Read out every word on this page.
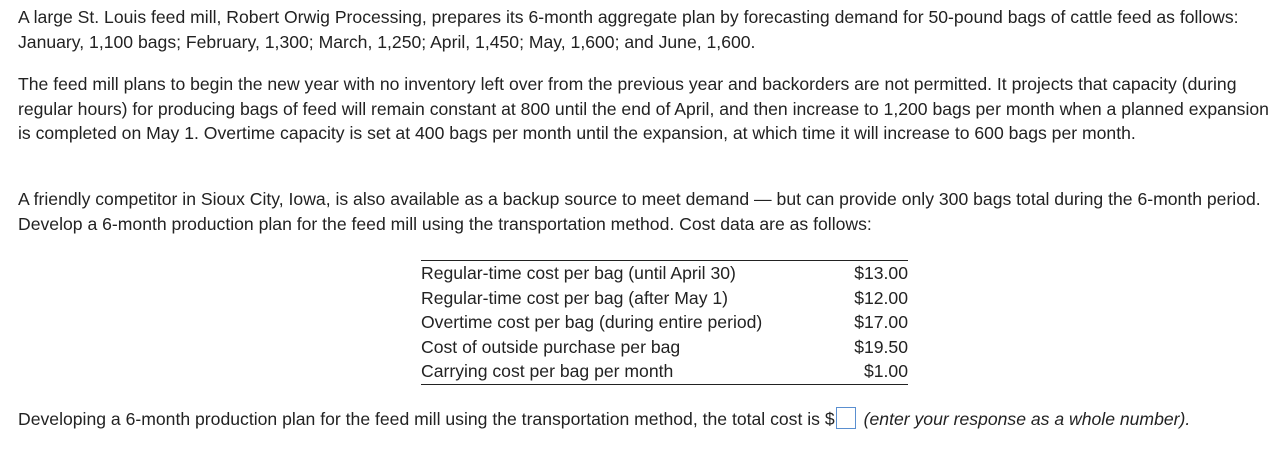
A large St. Louis feed mill, Robert Orwig Processing, prepares its 6-month aggregate plan by forecasting demand for 50-pound bags of cattle feed as follows: January, 1,100 bags; February, 1,300; March, 1,250; April, 1,450; May, 1,600; and June, 1,600.

The feed mill plans to begin the new year with no inventory left over from the previous year and backorders are not permitted. It projects that capacity (during regular hours) for producing bags of feed will remain constant at 800 until the end of April, and then increase to 1,200 bags per month when a planned expansion is completed on May 1. Overtime capacity is set at 400 bags per month until the expansion, at which time it will increase to 600 bags per month.

A friendly competitor in Sioux City, Iowa, is also available as a backup source to meet demand — but can provide only 300 bags total during the 6-month period. Develop a 6-month production plan for the feed mill using the transportation method. Cost data are as follows:

Regular-time cost per bag (until April 30)	$13.00
Regular-time cost per bag (after May 1)	$12.00
Overtime cost per bag (during entire period)	$17.00
Cost of outside purchase per bag	$19.50
Carrying cost per bag per month	$1.00
Developing a 6-month production plan for the feed mill using the transportation method, the total cost is $ (enter your response as a whole number).
